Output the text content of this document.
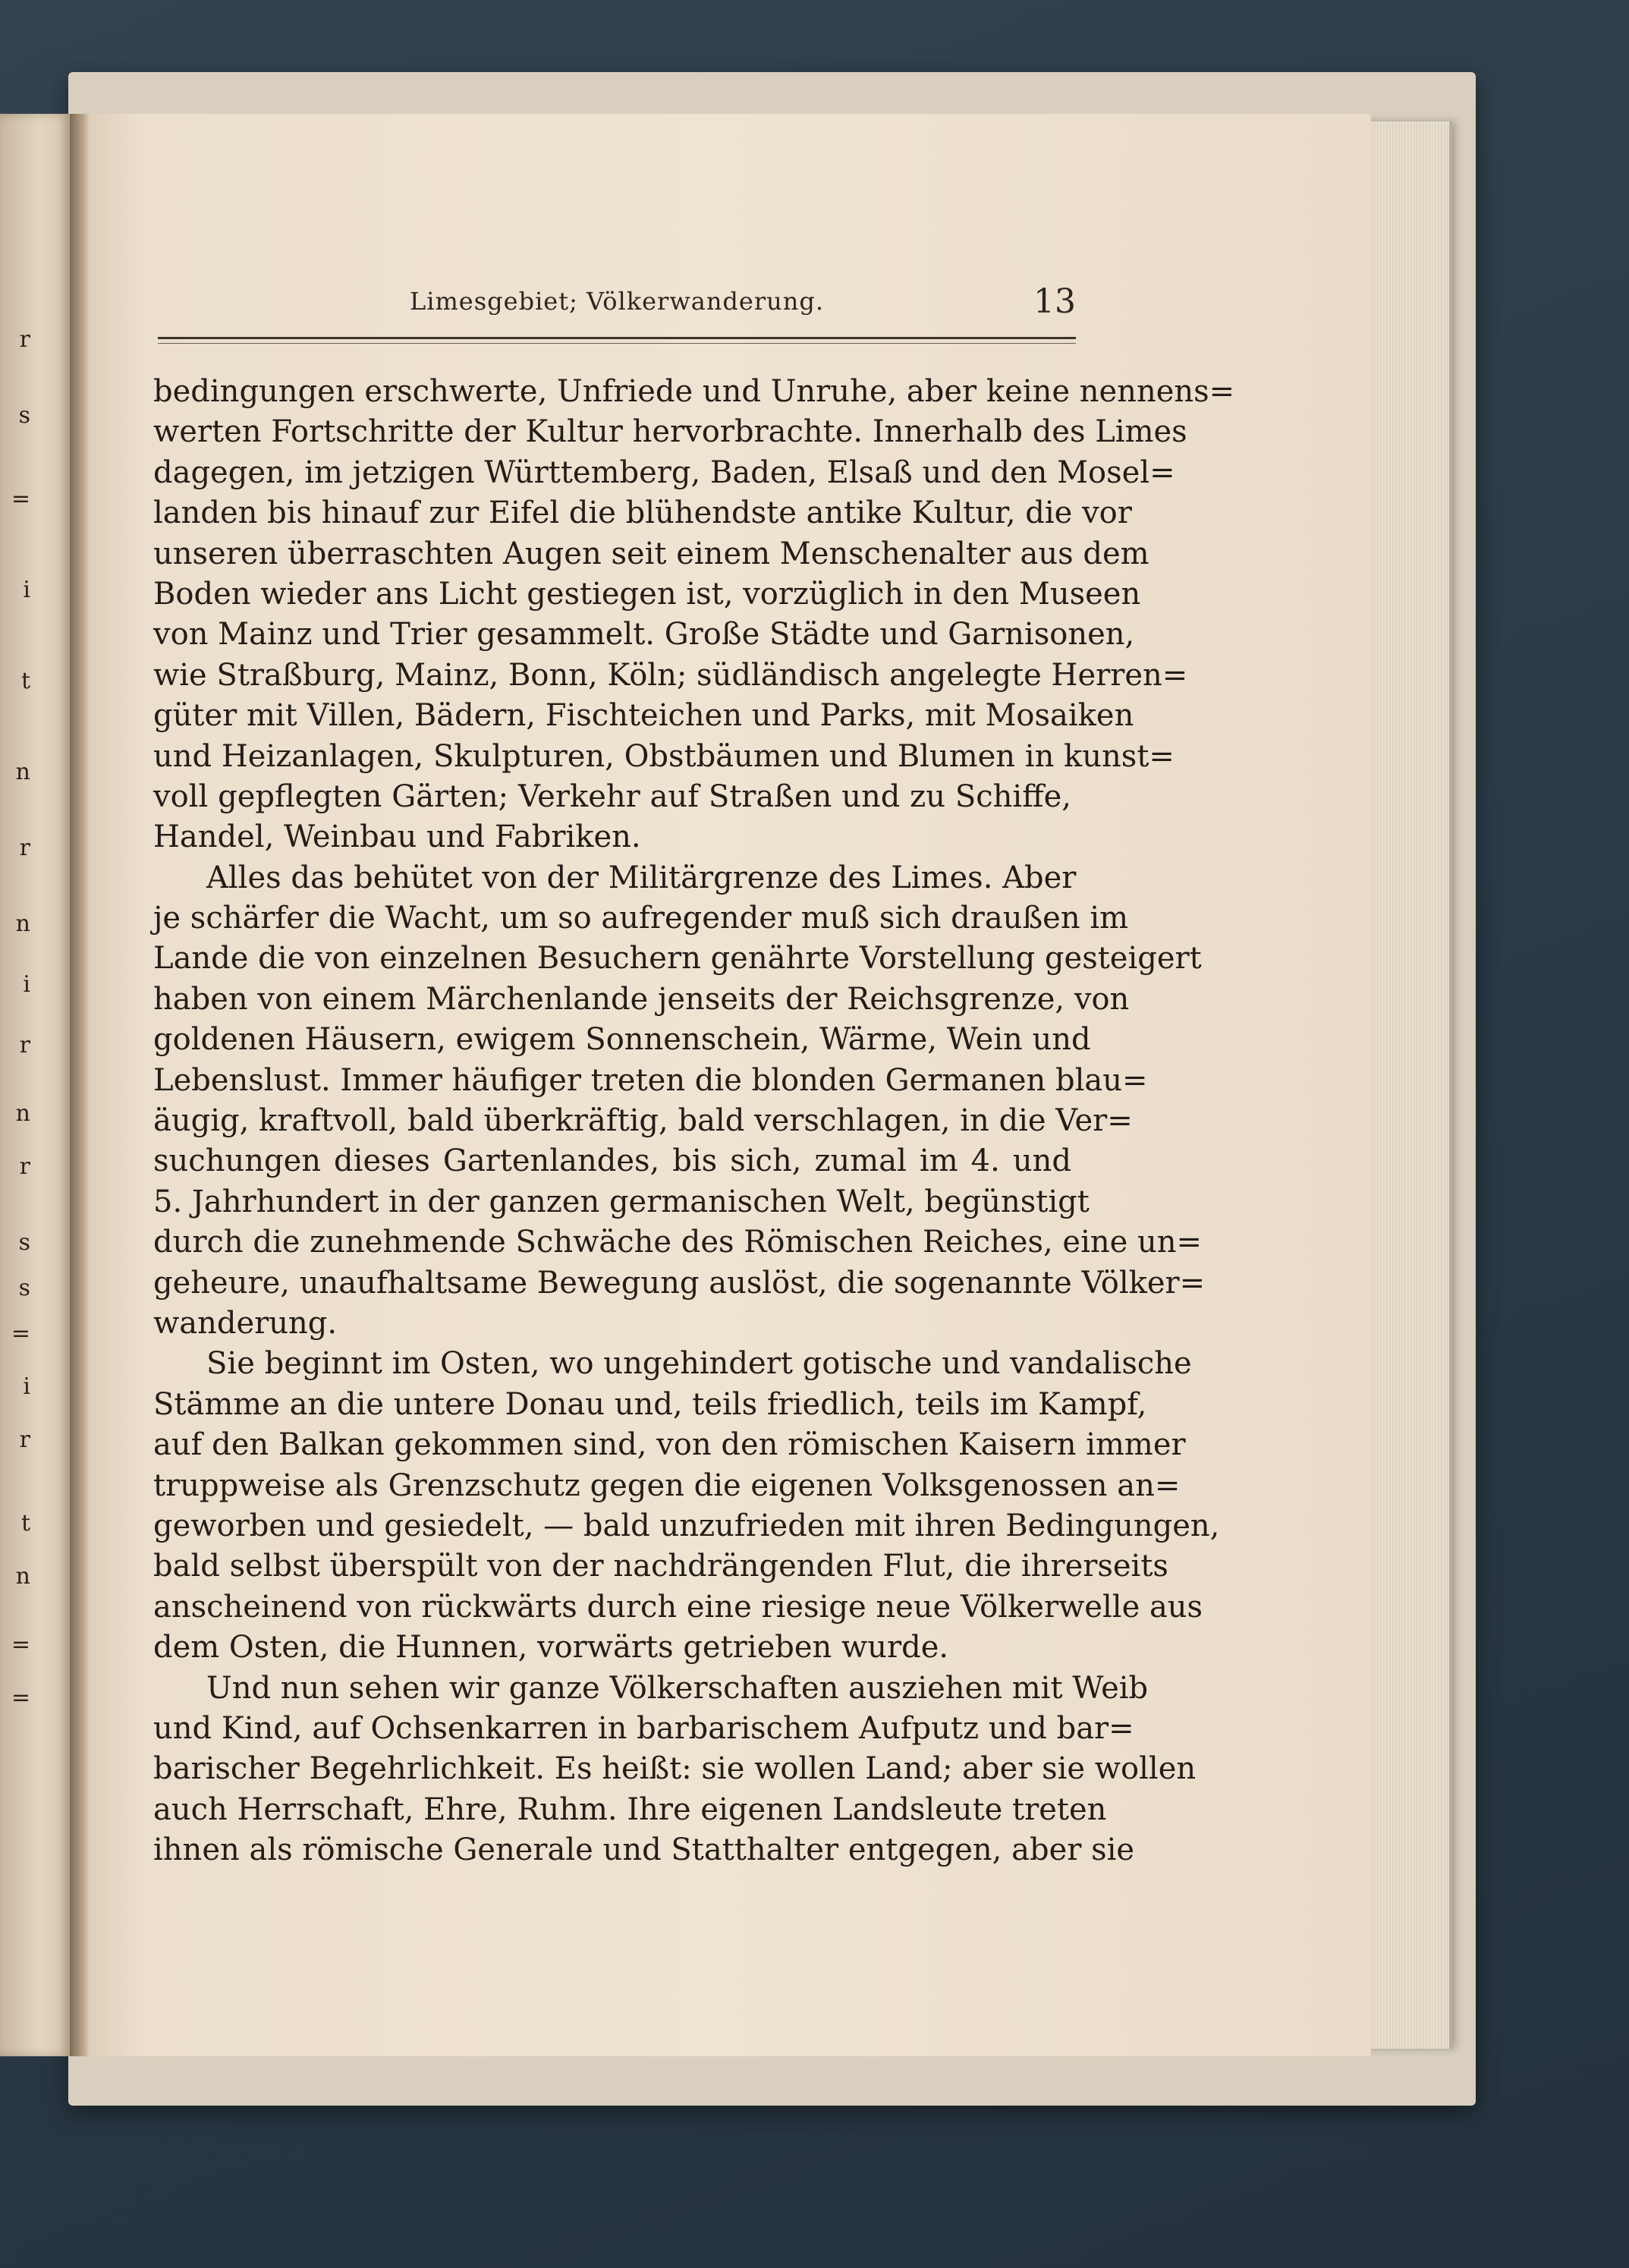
r
s
=
i
t
n
r
n
i
r
n
r
s
s
=
i
r
t
n
=
=
Limesgebiet; Völkerwanderung.	13
bedingungen erschwerte, Unfriede und Unruhe, aber keine nennens=
werten Fortschritte der Kultur hervorbrachte. Innerhalb des Limes
dagegen, im jetzigen Württemberg, Baden, Elsaß und den Mosel=
landen bis hinauf zur Eifel die blühendste antike Kultur, die vor
unseren überraschten Augen seit einem Menschenalter aus dem
Boden wieder ans Licht gestiegen ist, vorzüglich in den Museen
von Mainz und Trier gesammelt. Große Städte und Garnisonen,
wie Straßburg, Mainz, Bonn, Köln; südländisch angelegte Herren=
güter mit Villen, Bädern, Fischteichen und Parks, mit Mosaiken
und Heizanlagen, Skulpturen, Obstbäumen und Blumen in kunst=
voll gepflegten Gärten; Verkehr auf Straßen und zu Schiffe,
Handel, Weinbau und Fabriken.
Alles das behütet von der Militärgrenze des Limes. Aber
je schärfer die Wacht, um so aufregender muß sich draußen im
Lande die von einzelnen Besuchern genährte Vorstellung gesteigert
haben von einem Märchenlande jenseits der Reichsgrenze, von
goldenen Häusern, ewigem Sonnenschein, Wärme, Wein und
Lebenslust. Immer häufiger treten die blonden Germanen blau=
äugig, kraftvoll, bald überkräftig, bald verschlagen, in die Ver=
suchungen dieses Gartenlandes, bis sich, zumal im 4. und
5. Jahrhundert in der ganzen germanischen Welt, begünstigt
durch die zunehmende Schwäche des Römischen Reiches, eine un=
geheure, unaufhaltsame Bewegung auslöst, die sogenannte Völker=
wanderung.
Sie beginnt im Osten, wo ungehindert gotische und vandalische
Stämme an die untere Donau und, teils friedlich, teils im Kampf,
auf den Balkan gekommen sind, von den römischen Kaisern immer
truppweise als Grenzschutz gegen die eigenen Volksgenossen an=
geworben und gesiedelt, — bald unzufrieden mit ihren Bedingungen,
bald selbst überspült von der nachdrängenden Flut, die ihrerseits
anscheinend von rückwärts durch eine riesige neue Völkerwelle aus
dem Osten, die Hunnen, vorwärts getrieben wurde.
Und nun sehen wir ganze Völkerschaften ausziehen mit Weib
und Kind, auf Ochsenkarren in barbarischem Aufputz und bar=
barischer Begehrlichkeit. Es heißt: sie wollen Land; aber sie wollen
auch Herrschaft, Ehre, Ruhm. Ihre eigenen Landsleute treten
ihnen als römische Generale und Statthalter entgegen, aber sie
